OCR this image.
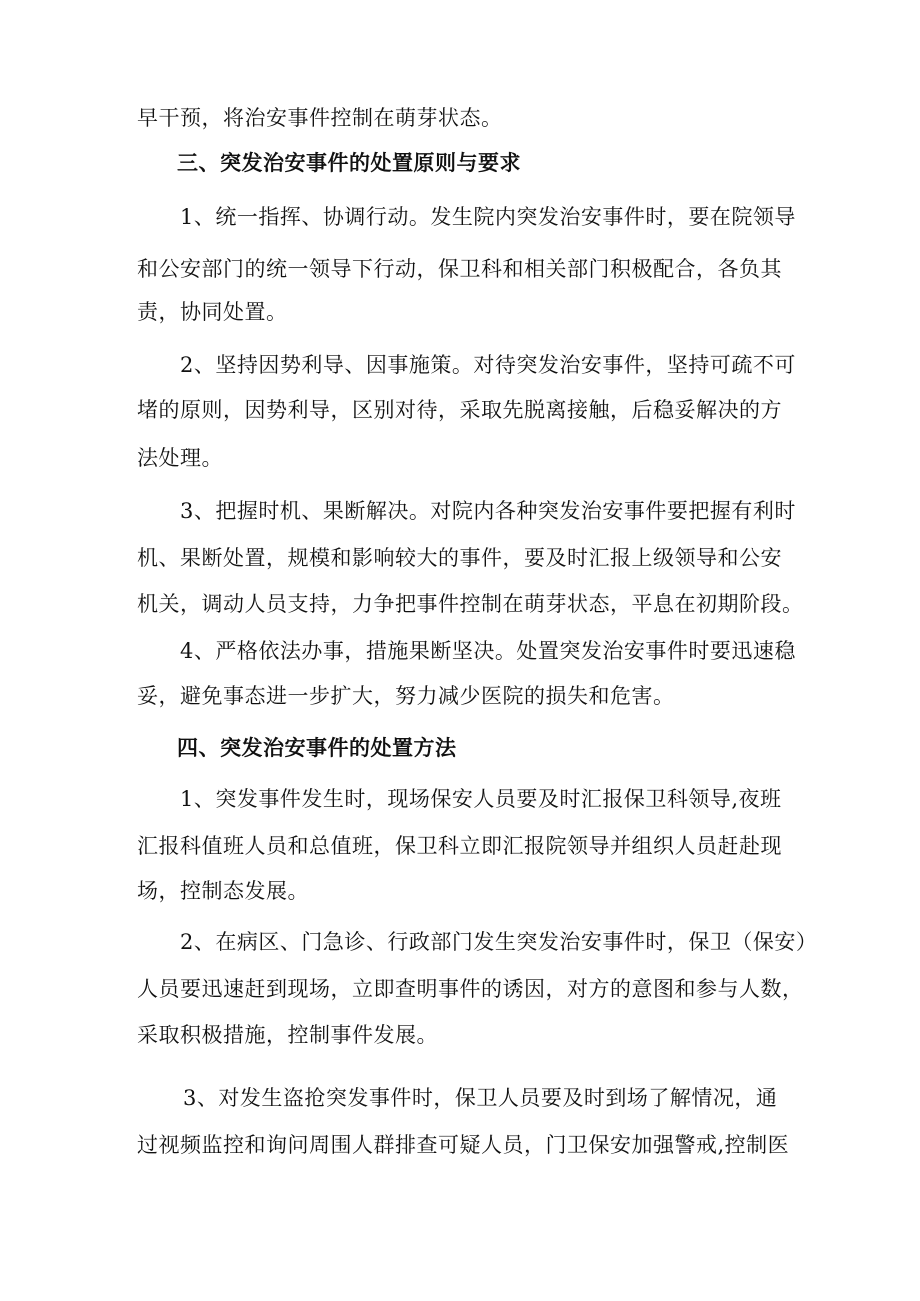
早干预，将治安事件控制在萌芽状态。
三、突发治安事件的处置原则与要求
1、统一指挥、协调行动。发生院内突发治安事件时，要在院领导
和公安部门的统一领导下行动，保卫科和相关部门积极配合，各负其
责，协同处置。
2、坚持因势利导、因事施策。对待突发治安事件，坚持可疏不可
堵的原则，因势利导，区别对待，采取先脱离接触，后稳妥解决的方
法处理。
3、把握时机、果断解决。对院内各种突发治安事件要把握有利时
机、果断处置，规模和影响较大的事件，要及时汇报上级领导和公安
机关，调动人员支持，力争把事件控制在萌芽状态，平息在初期阶段。
4、严格依法办事，措施果断坚决。处置突发治安事件时要迅速稳
妥，避免事态进一步扩大，努力减少医院的损失和危害。
四、突发治安事件的处置方法
1、突发事件发生时，现场保安人员要及时汇报保卫科领导,夜班
汇报科值班人员和总值班，保卫科立即汇报院领导并组织人员赶赴现
场，控制态发展。
2、在病区、门急诊、行政部门发生突发治安事件时，保卫（保安）
人员要迅速赶到现场，立即查明事件的诱因，对方的意图和参与人数，
采取积极措施，控制事件发展。
3、对发生盗抢突发事件时，保卫人员要及时到场了解情况，通
过视频监控和询问周围人群排查可疑人员，门卫保安加强警戒,控制医
